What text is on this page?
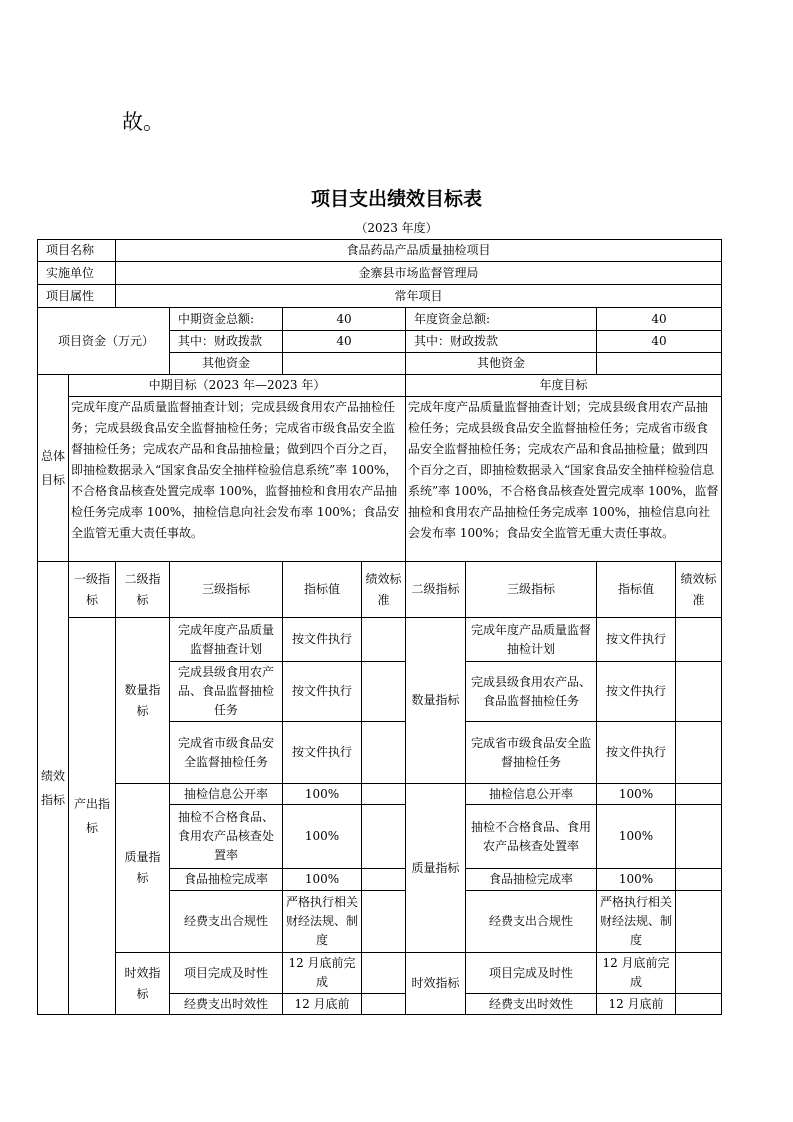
故。
项目支出绩效目标表
（2023 年度）
项目名称		食品药品产品质量抽检项目							
实施单位		金寨县市场监督管理局							
项目属性		常年项目							
项目资金（万元）			中期资金总额:	40		年度资金总额:		40	
			其中：财政拨款	40		其中：财政拨款		40	
			其他资金			其他资金			
总体目标	中期目标（2023 年—2023 年）					年度目标			
	完成年度产品质量监督抽查计划；完成县级食用农产品抽检任务；完成县级食品安全监督抽检任务；完成省市级食品安全监督抽检任务；完成农产品和食品抽检量；做到四个百分之百，即抽检数据录入“国家食品安全抽样检验信息系统”率 100%，不合格食品核查处置完成率 100%，监督抽检和食用农产品抽检任务完成率 100%，抽检信息向社会发布率 100%；食品安全监管无重大责任事故。					完成年度产品质量监督抽查计划；完成县级食用农产品抽检任务；完成县级食品安全监督抽检任务；完成省市级食品安全监督抽检任务；完成农产品和食品抽检量；做到四个百分之百，即抽检数据录入“国家食品安全抽样检验信息系统”率 100%，不合格食品核查处置完成率 100%，监督抽检和食用农产品抽检任务完成率 100%，抽检信息向社会发布率 100%；食品安全监管无重大责任事故。			
绩效指标	一级指标	二级指标	三级指标	指标值	绩效标准	二级指标	三级指标	指标值	绩效标准
	产出指标	数量指标	完成年度产品质量监督抽查计划	按文件执行		数量指标	完成年度产品质量监督抽检计划	按文件执行	
			完成县级食用农产品、食品监督抽检任务	按文件执行			完成县级食用农产品、食品监督抽检任务	按文件执行	
			完成省市级食品安全监督抽检任务	按文件执行			完成省市级食品安全监督抽检任务	按文件执行	
		质量指标	抽检信息公开率	100%		质量指标	抽检信息公开率	100%	
			抽检不合格食品、食用农产品核查处置率	100%			抽检不合格食品、食用农产品核查处置率	100%	
			食品抽检完成率	100%			食品抽检完成率	100%	
			经费支出合规性	严格执行相关财经法规、制度			经费支出合规性	严格执行相关财经法规、制度	
		时效指标	项目完成及时性	12 月底前完成		时效指标	项目完成及时性	12 月底前完成	
			经费支出时效性	12 月底前			经费支出时效性	12 月底前	
